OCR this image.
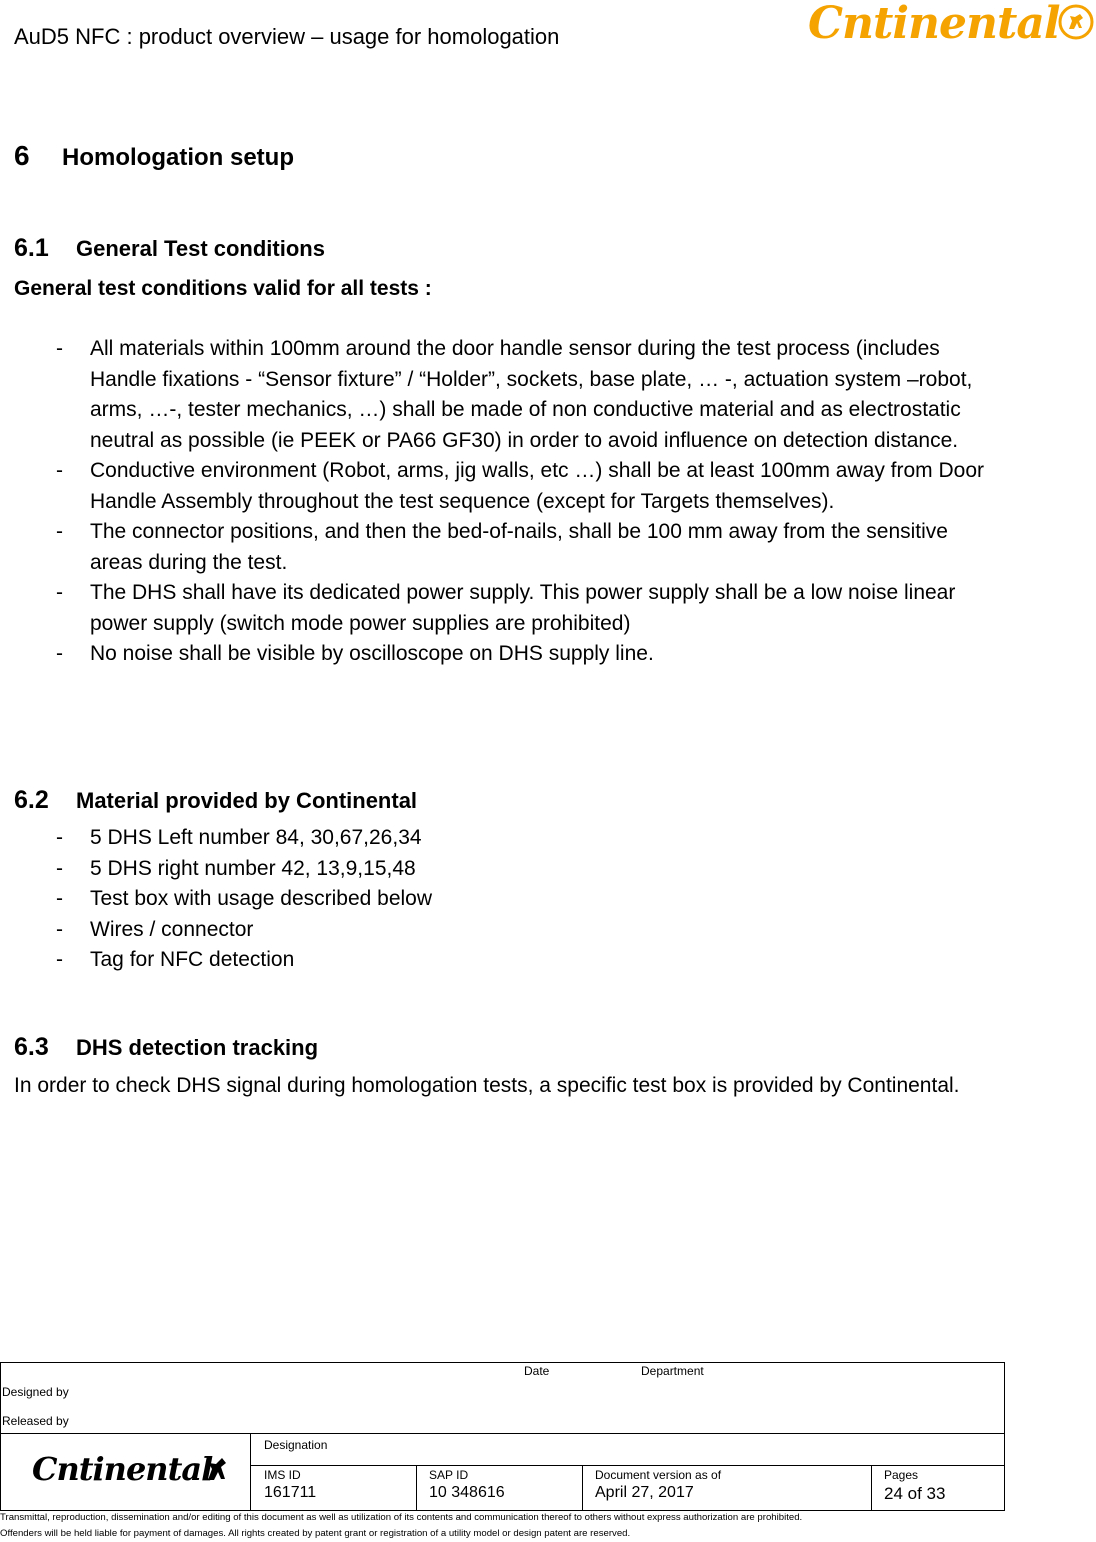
AuD5 NFC : product overview – usage for homologation	Cntinental
6 Homologation setup
6.1 General Test conditions
General test conditions valid for all tests :
- All materials within 100mm around the door handle sensor during the test process (includes Handle fixations - “Sensor fixture” / “Holder”, sockets, base plate, … -, actuation system –robot, arms, …-, tester mechanics, …) shall be made of non conductive material and as electrostatic neutral as possible (ie PEEK or PA66 GF30) in order to avoid influence on detection distance.
- Conductive environment (Robot, arms, jig walls, etc …) shall be at least 100mm away from Door Handle Assembly throughout the test sequence (except for Targets themselves).
- The connector positions, and then the bed-of-nails, shall be 100 mm away from the sensitive areas during the test.
- The DHS shall have its dedicated power supply. This power supply shall be a low noise linear power supply (switch mode power supplies are prohibited)
- No noise shall be visible by oscilloscope on DHS supply line.
6.2 Material provided by Continental
- 5 DHS Left number 84, 30,67,26,34
- 5 DHS right number 42, 13,9,15,48
- Test box with usage described below
- Wires / connector
- Tag for NFC detection
6.3 DHS detection tracking
In order to check DHS signal during homologation tests, a specific test box is provided by Continental.
Date	Department
Designed by
Released by
Designation
IMS ID
161711
SAP ID
10 348616
Document version as of
April 27, 2017
Pages
24 of 33
Cntinental
Transmittal, reproduction, dissemination and/or editing of this document as well as utilization of its contents and communication thereof to others without express authorization are prohibited.
Offenders will be held liable for payment of damages. All rights created by patent grant or registration of a utility model or design patent are reserved.
